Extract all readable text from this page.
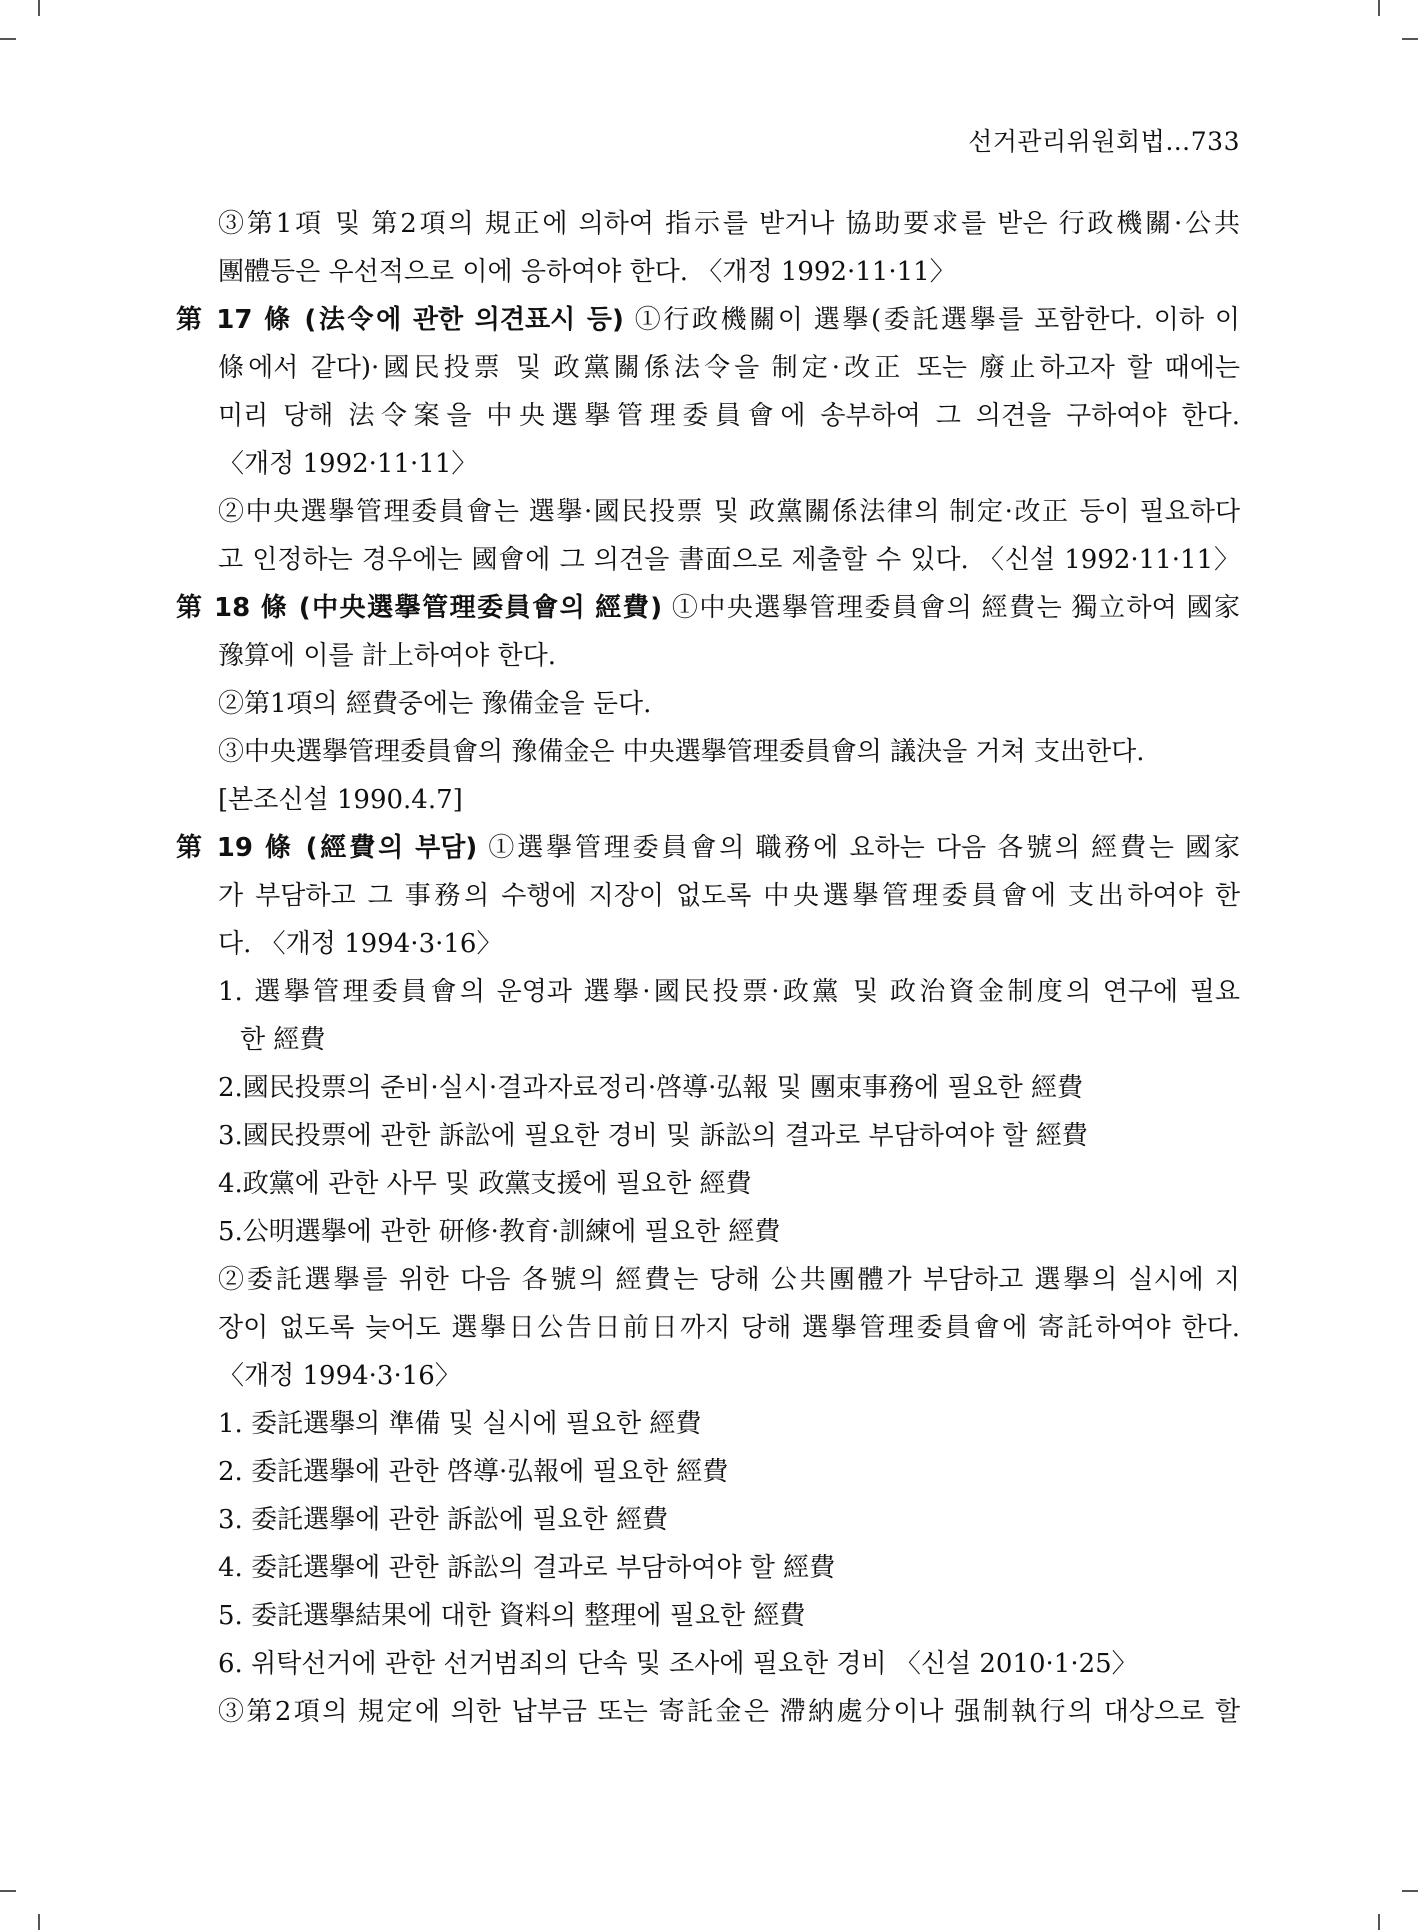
선거관리위원회법…733
③第1項 및 第2項의 規正에 의하여 指示를 받거나 協助要求를 받은 行政機關·公共
團體등은 우선적으로 이에 응하여야 한다. 〈개정 1992·11·11〉
第 17 條 (法令에 관한 의견표시 등) ①行政機關이 選擧(委託選擧를 포함한다. 이하 이
條에서 같다)·國民投票 및 政黨關係法令을 制定·改正 또는 廢止하고자 할 때에는
미리 당해 法令案을 中央選擧管理委員會에 송부하여 그 의견을 구하여야 한다.
〈개정 1992·11·11〉
②中央選擧管理委員會는 選擧·國民投票 및 政黨關係法律의 制定·改正 등이 필요하다
고 인정하는 경우에는 國會에 그 의견을 書面으로 제출할 수 있다. 〈신설 1992·11·11〉
第 18 條 (中央選擧管理委員會의 經費) ①中央選擧管理委員會의 經費는 獨立하여 國家
豫算에 이를 計上하여야 한다.
②第1項의 經費중에는 豫備金을 둔다.
③中央選擧管理委員會의 豫備金은 中央選擧管理委員會의 議決을 거쳐 支出한다.
[본조신설 1990.4.7]
第 19 條 (經費의 부담) ①選擧管理委員會의 職務에 요하는 다음 各號의 經費는 國家
가 부담하고 그 事務의 수행에 지장이 없도록 中央選擧管理委員會에 支出하여야 한
다. 〈개정 1994·3·16〉
1. 選擧管理委員會의 운영과 選擧·國民投票·政黨 및 政治資金制度의 연구에 필요
한 經費
2.國民投票의 준비·실시·결과자료정리·啓導·弘報 및 團束事務에 필요한 經費
3.國民投票에 관한 訴訟에 필요한 경비 및 訴訟의 결과로 부담하여야 할 經費
4.政黨에 관한 사무 및 政黨支援에 필요한 經費
5.公明選擧에 관한 研修·教育·訓練에 필요한 經費
②委託選擧를 위한 다음 各號의 經費는 당해 公共團體가 부담하고 選擧의 실시에 지
장이 없도록 늦어도 選擧日公告日前日까지 당해 選擧管理委員會에 寄託하여야 한다.
〈개정 1994·3·16〉
1. 委託選擧의 準備 및 실시에 필요한 經費
2. 委託選擧에 관한 啓導·弘報에 필요한 經費
3. 委託選擧에 관한 訴訟에 필요한 經費
4. 委託選擧에 관한 訴訟의 결과로 부담하여야 할 經費
5. 委託選擧結果에 대한 資料의 整理에 필요한 經費
6. 위탁선거에 관한 선거범죄의 단속 및 조사에 필요한 경비 〈신설 2010·1·25〉
③第2項의 規定에 의한 납부금 또는 寄託金은 滯納處分이나 强制執行의 대상으로 할
